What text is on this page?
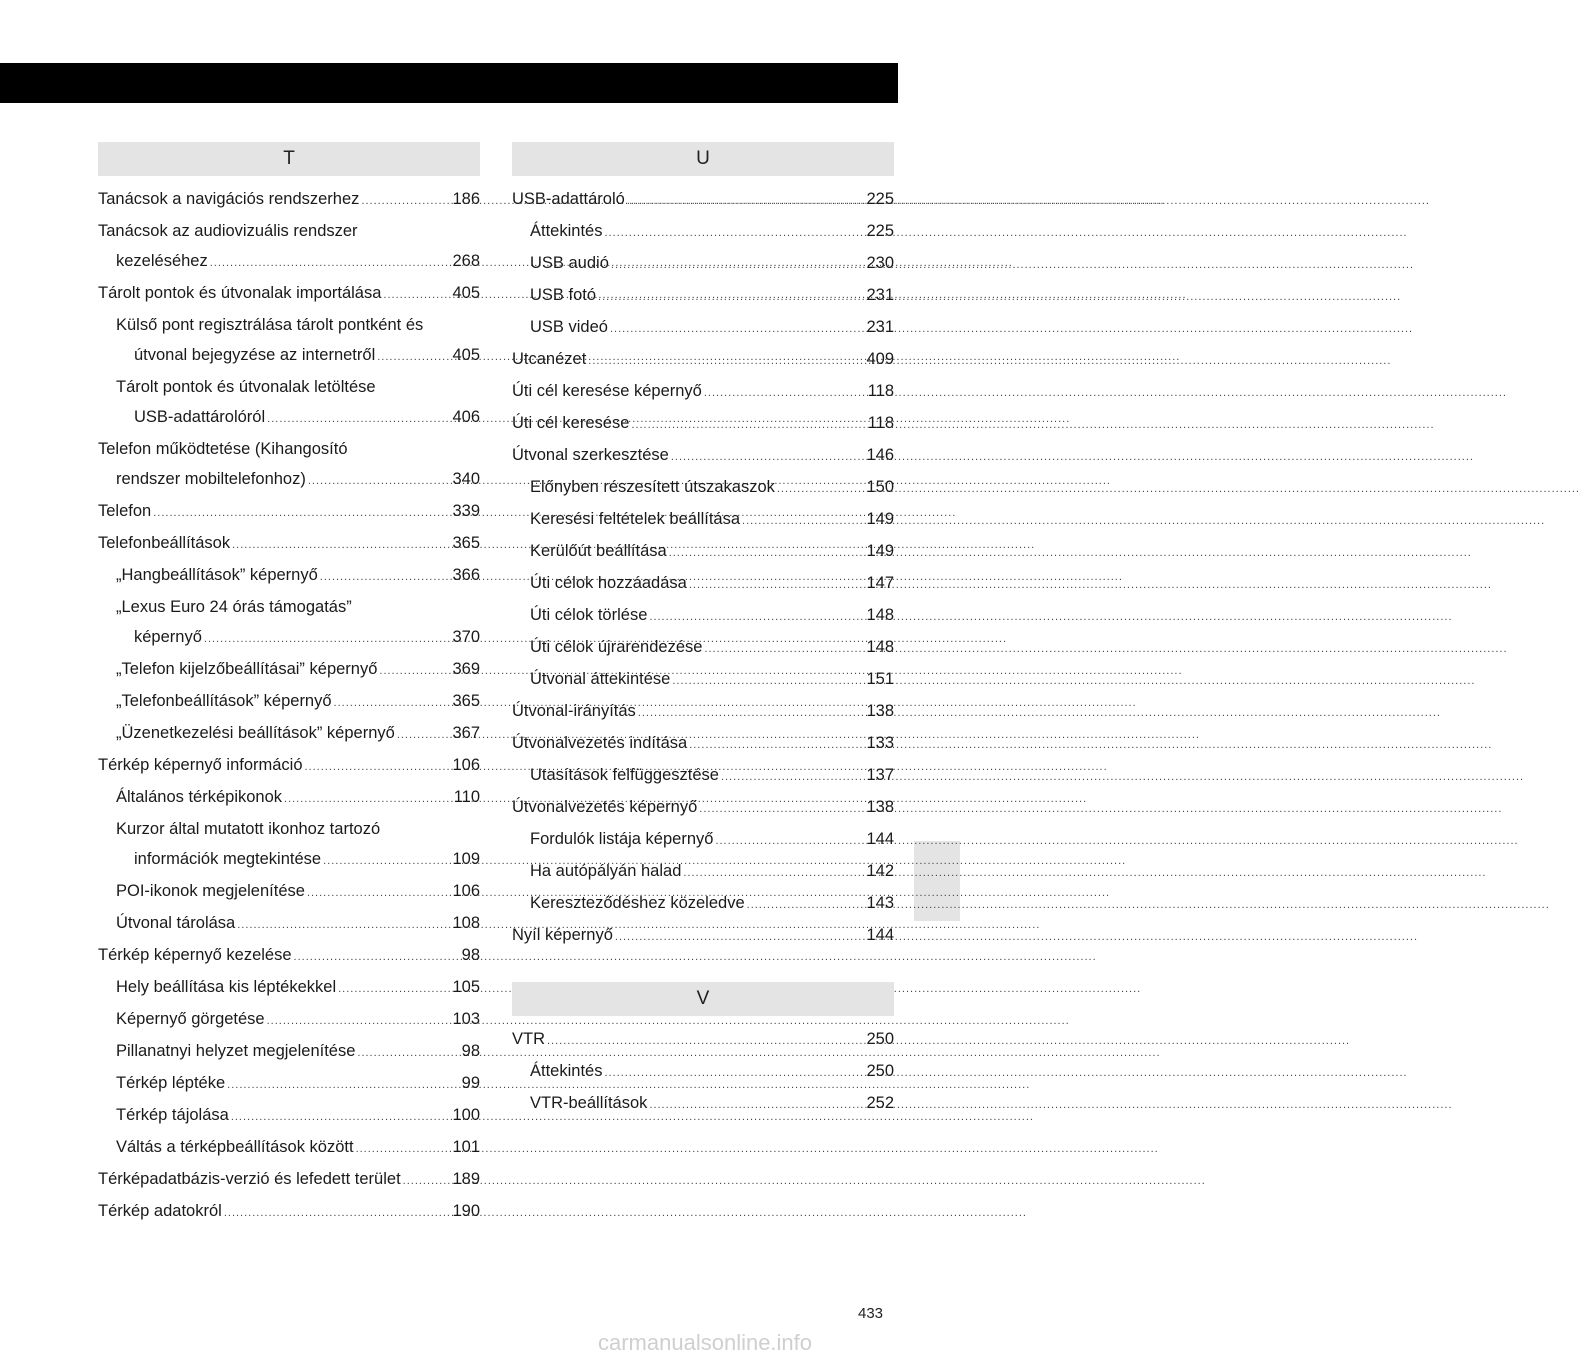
T
Tanácsok a navigációs rendszerhez .....	186
Tanácsok az audiovizuális rendszer
kezeléséhez .....	268
Tárolt pontok és útvonalak importálása .....	405
Külső pont regisztrálása tárolt pontként és
útvonal bejegyzése az internetről .....	405
Tárolt pontok és útvonalak letöltése
USB-adattárolóról .....	406
Telefon működtetése (Kihangosító
rendszer mobiltelefonhoz) .....	340
Telefon .....	339
Telefonbeállítások .....	365
„Hangbeállítások” képernyő .....	366
„Lexus Euro 24 órás támogatás”
képernyő .....	370
„Telefon kijelzőbeállításai” képernyő .....	369
„Telefonbeállítások” képernyő .....	365
„Üzenetkezelési beállítások” képernyő .....	367
Térkép képernyő információ .....	106
Általános térképikonok .....	110
Kurzor által mutatott ikonhoz tartozó
információk megtekintése .....	109
POI-ikonok megjelenítése .....	106
Útvonal tárolása .....	108
Térkép képernyő kezelése .....	98
Hely beállítása kis léptékekkel .....	105
Képernyő görgetése .....	103
Pillanatnyi helyzet megjelenítése .....	98
Térkép léptéke .....	99
Térkép tájolása .....	100
Váltás a térképbeállítások között .....	101
Térképadatbázis-verzió és lefedett terület .....	189
Térkép adatokról .....	190
U
USB-adattároló .....	225
Áttekintés .....	225
USB audió .....	230
USB fotó .....	231
USB videó .....	231
Utcanézet .....	409
Úti cél keresése képernyő .....	118
Úti cél keresése .....	118
Útvonal szerkesztése .....	146
Előnyben részesített útszakaszok .....	150
Keresési feltételek beállítása .....	149
Kerülőút beállítása .....	149
Úti célok hozzáadása .....	147
Úti célok törlése .....	148
Úti célok újrarendezése .....	148
Útvonal áttekintése .....	151
Útvonal-irányítás .....	138
Útvonalvezetés indítása .....	133
Utasítások felfüggesztése .....	137
Útvonalvezetés képernyő .....	138
Fordulók listája képernyő .....	144
Ha autópályán halad .....	142
Kereszteződéshez közeledve .....	143
Nyíl képernyő .....	144
V
VTR .....	250
Áttekintés .....	250
VTR-beállítások .....	252
433
carmanualsonline.info
